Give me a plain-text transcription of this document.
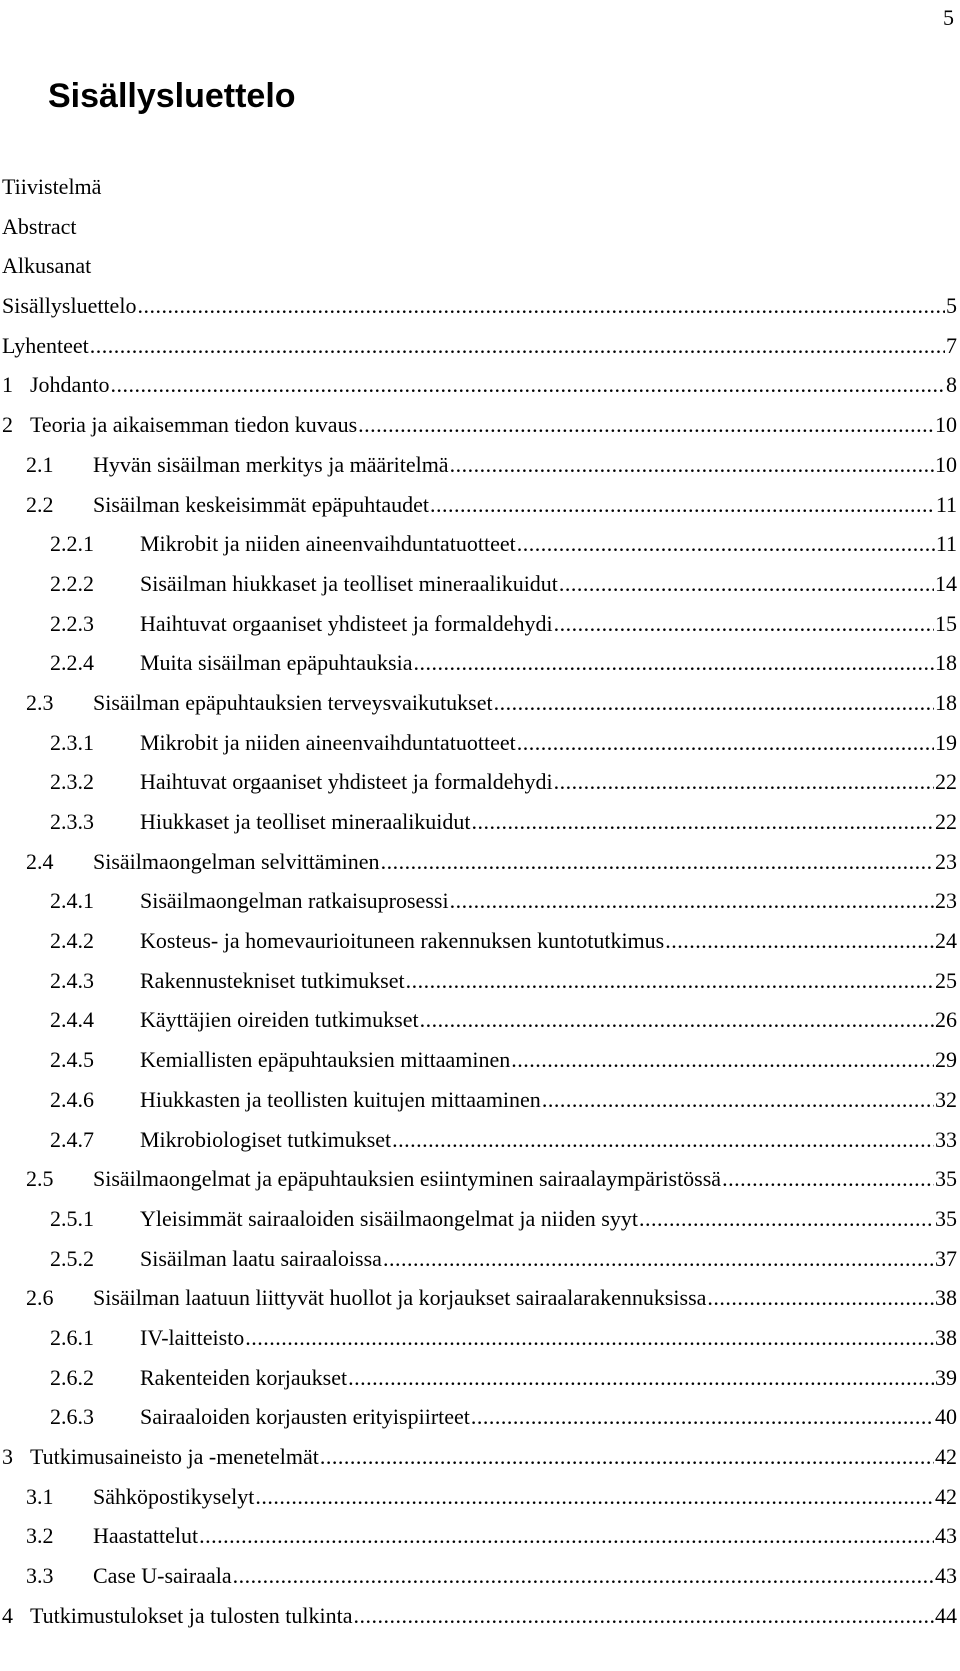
5
Sisällysluettelo
Tiivistelmä
Abstract
Alkusanat
Sisällysluettelo .....	5
Lyhenteet .....	7
1 Johdanto .....	8
2 Teoria ja aikaisemman tiedon kuvaus .....	10
2.1	Hyvän sisäilman merkitys ja määritelmä .....	10
2.2	Sisäilman keskeisimmät epäpuhtaudet .....	11
2.2.1	Mikrobit ja niiden aineenvaihduntatuotteet .....	11
2.2.2	Sisäilman hiukkaset ja teolliset mineraalikuidut .....	14
2.2.3	Haihtuvat orgaaniset yhdisteet ja formaldehydi .....	15
2.2.4	Muita sisäilman epäpuhtauksia .....	18
2.3	Sisäilman epäpuhtauksien terveysvaikutukset .....	18
2.3.1	Mikrobit ja niiden aineenvaihduntatuotteet .....	19
2.3.2	Haihtuvat orgaaniset yhdisteet ja formaldehydi .....	22
2.3.3	Hiukkaset ja teolliset mineraalikuidut .....	22
2.4	Sisäilmaongelman selvittäminen .....	23
2.4.1	Sisäilmaongelman ratkaisuprosessi .....	23
2.4.2	Kosteus- ja homevaurioituneen rakennuksen kuntotutkimus .....	24
2.4.3	Rakennustekniset tutkimukset .....	25
2.4.4	Käyttäjien oireiden tutkimukset .....	26
2.4.5	Kemiallisten epäpuhtauksien mittaaminen .....	29
2.4.6	Hiukkasten ja teollisten kuitujen mittaaminen .....	32
2.4.7	Mikrobiologiset tutkimukset .....	33
2.5	Sisäilmaongelmat ja epäpuhtauksien esiintyminen sairaalaympäristössä .....	35
2.5.1	Yleisimmät sairaaloiden sisäilmaongelmat ja niiden syyt .....	35
2.5.2	Sisäilman laatu sairaaloissa .....	37
2.6	Sisäilman laatuun liittyvät huollot ja korjaukset sairaalarakennuksissa .....	38
2.6.1	IV-laitteisto .....	38
2.6.2	Rakenteiden korjaukset .....	39
2.6.3	Sairaaloiden korjausten erityispiirteet .....	40
3 Tutkimusaineisto ja -menetelmät .....	42
3.1	Sähköpostikyselyt .....	42
3.2	Haastattelut .....	43
3.3	Case U-sairaala .....	43
4 Tutkimustulokset ja tulosten tulkinta .....	44
